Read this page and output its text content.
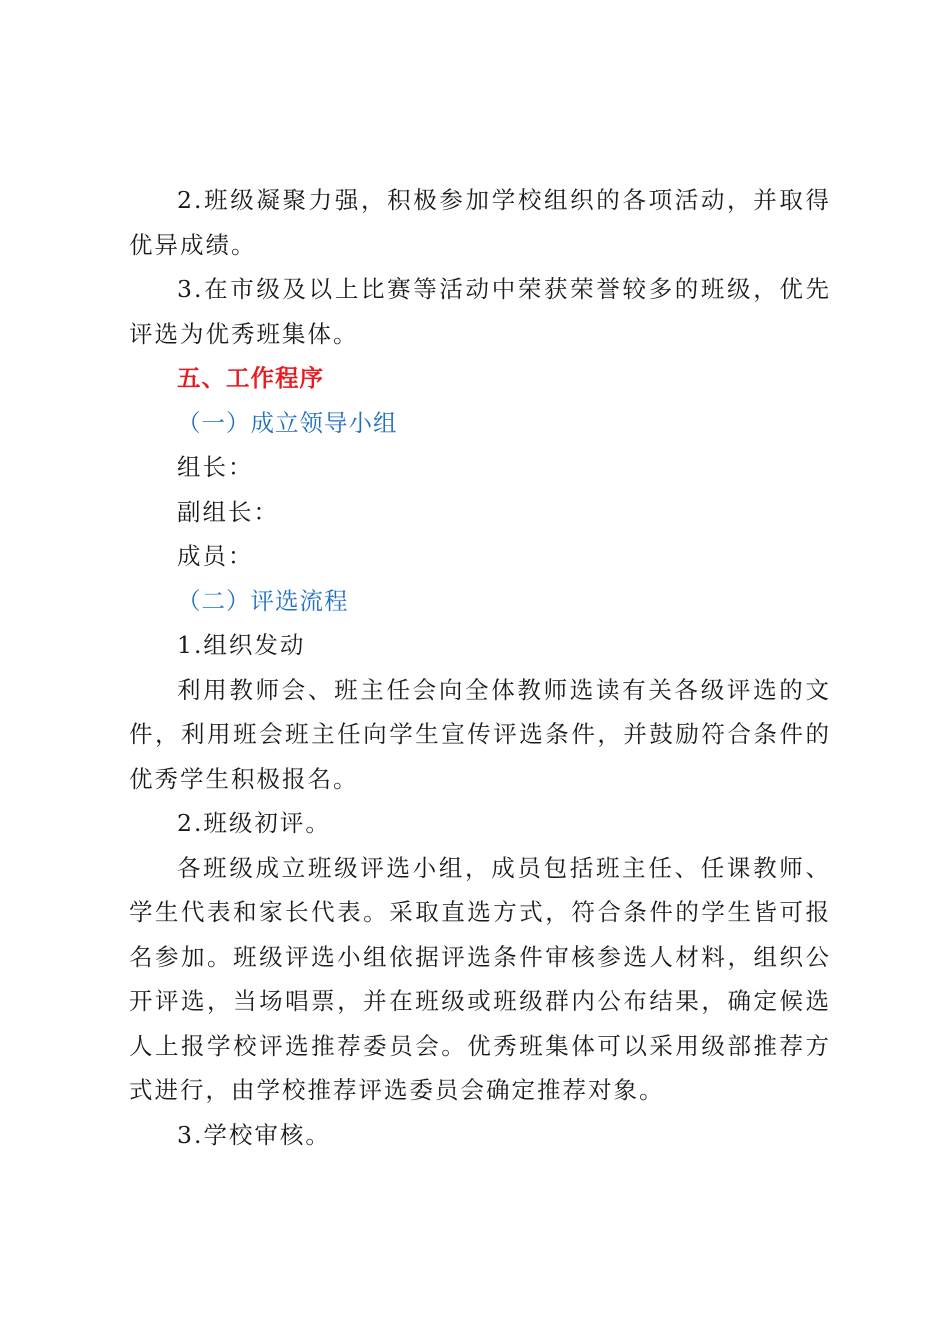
2.班级凝聚力强，积极参加学校组织的各项活动，并取得优异成绩。

3.在市级及以上比赛等活动中荣获荣誉较多的班级，优先评选为优秀班集体。

五、工作程序

（一）成立领导小组

组长：

副组长：

成员：

（二）评选流程

1.组织发动

利用教师会、班主任会向全体教师选读有关各级评选的文件，利用班会班主任向学生宣传评选条件，并鼓励符合条件的优秀学生积极报名。

2.班级初评。

各班级成立班级评选小组，成员包括班主任、任课教师、学生代表和家长代表。采取直选方式，符合条件的学生皆可报名参加。班级评选小组依据评选条件审核参选人材料，组织公开评选，当场唱票，并在班级或班级群内公布结果，确定候选人上报学校评选推荐委员会。优秀班集体可以采用级部推荐方式进行，由学校推荐评选委员会确定推荐对象。

3.学校审核。
